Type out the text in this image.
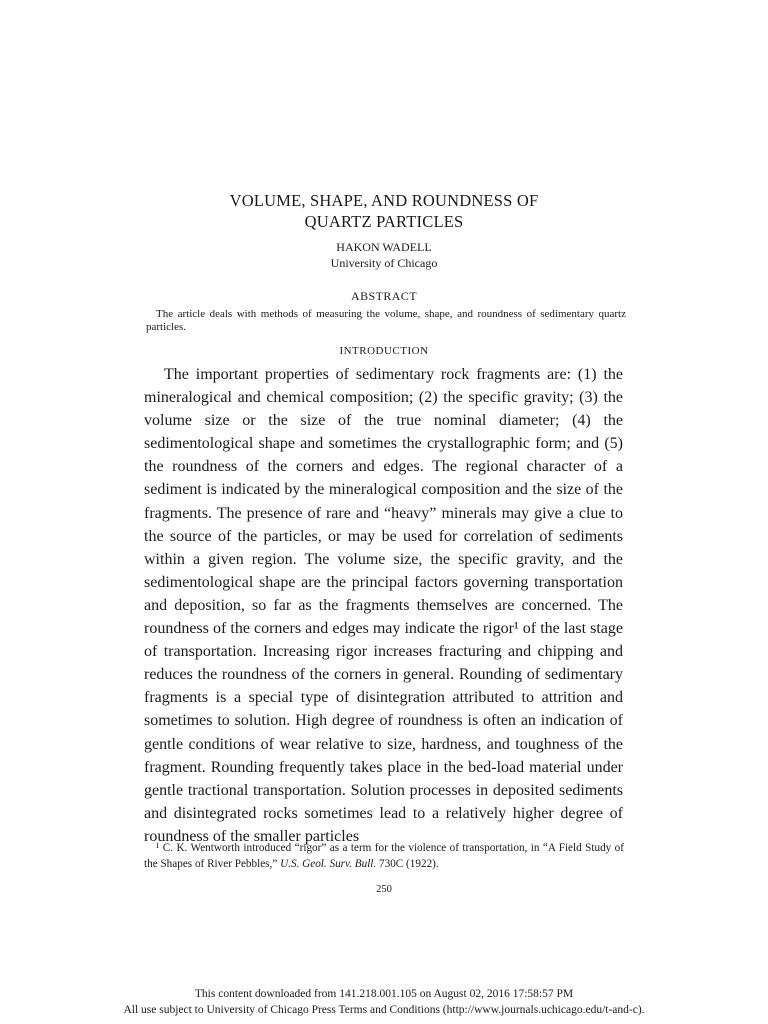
VOLUME, SHAPE, AND ROUNDNESS OF
QUARTZ PARTICLES
HAKON WADELL
University of Chicago
ABSTRACT
The article deals with methods of measuring the volume, shape, and roundness of sedimentary quartz particles.
INTRODUCTION
The important properties of sedimentary rock fragments are: (1) the mineralogical and chemical composition; (2) the specific gravity; (3) the volume size or the size of the true nominal diameter; (4) the sedimentological shape and sometimes the crystallographic form; and (5) the roundness of the corners and edges. The regional character of a sediment is indicated by the mineralogical composition and the size of the fragments. The presence of rare and “heavy” minerals may give a clue to the source of the particles, or may be used for correlation of sediments within a given region. The volume size, the specific gravity, and the sedimentological shape are the principal factors governing transportation and deposition, so far as the fragments themselves are concerned. The roundness of the corners and edges may indicate the rigor¹ of the last stage of transportation. Increasing rigor increases fracturing and chipping and reduces the roundness of the corners in general. Rounding of sedimentary fragments is a special type of disintegration attributed to attrition and sometimes to solution. High degree of roundness is often an indication of gentle conditions of wear relative to size, hardness, and toughness of the fragment. Rounding frequently takes place in the bed-load material under gentle tractional transportation. Solution processes in deposited sediments and disintegrated rocks sometimes lead to a relatively higher degree of roundness of the smaller particles
¹ C. K. Wentworth introduced “rigor” as a term for the violence of transportation, in “A Field Study of the Shapes of River Pebbles,” U.S. Geol. Surv. Bull. 730C (1922).
250
This content downloaded from 141.218.001.105 on August 02, 2016 17:58:57 PM
All use subject to University of Chicago Press Terms and Conditions (http://www.journals.uchicago.edu/t-and-c).
